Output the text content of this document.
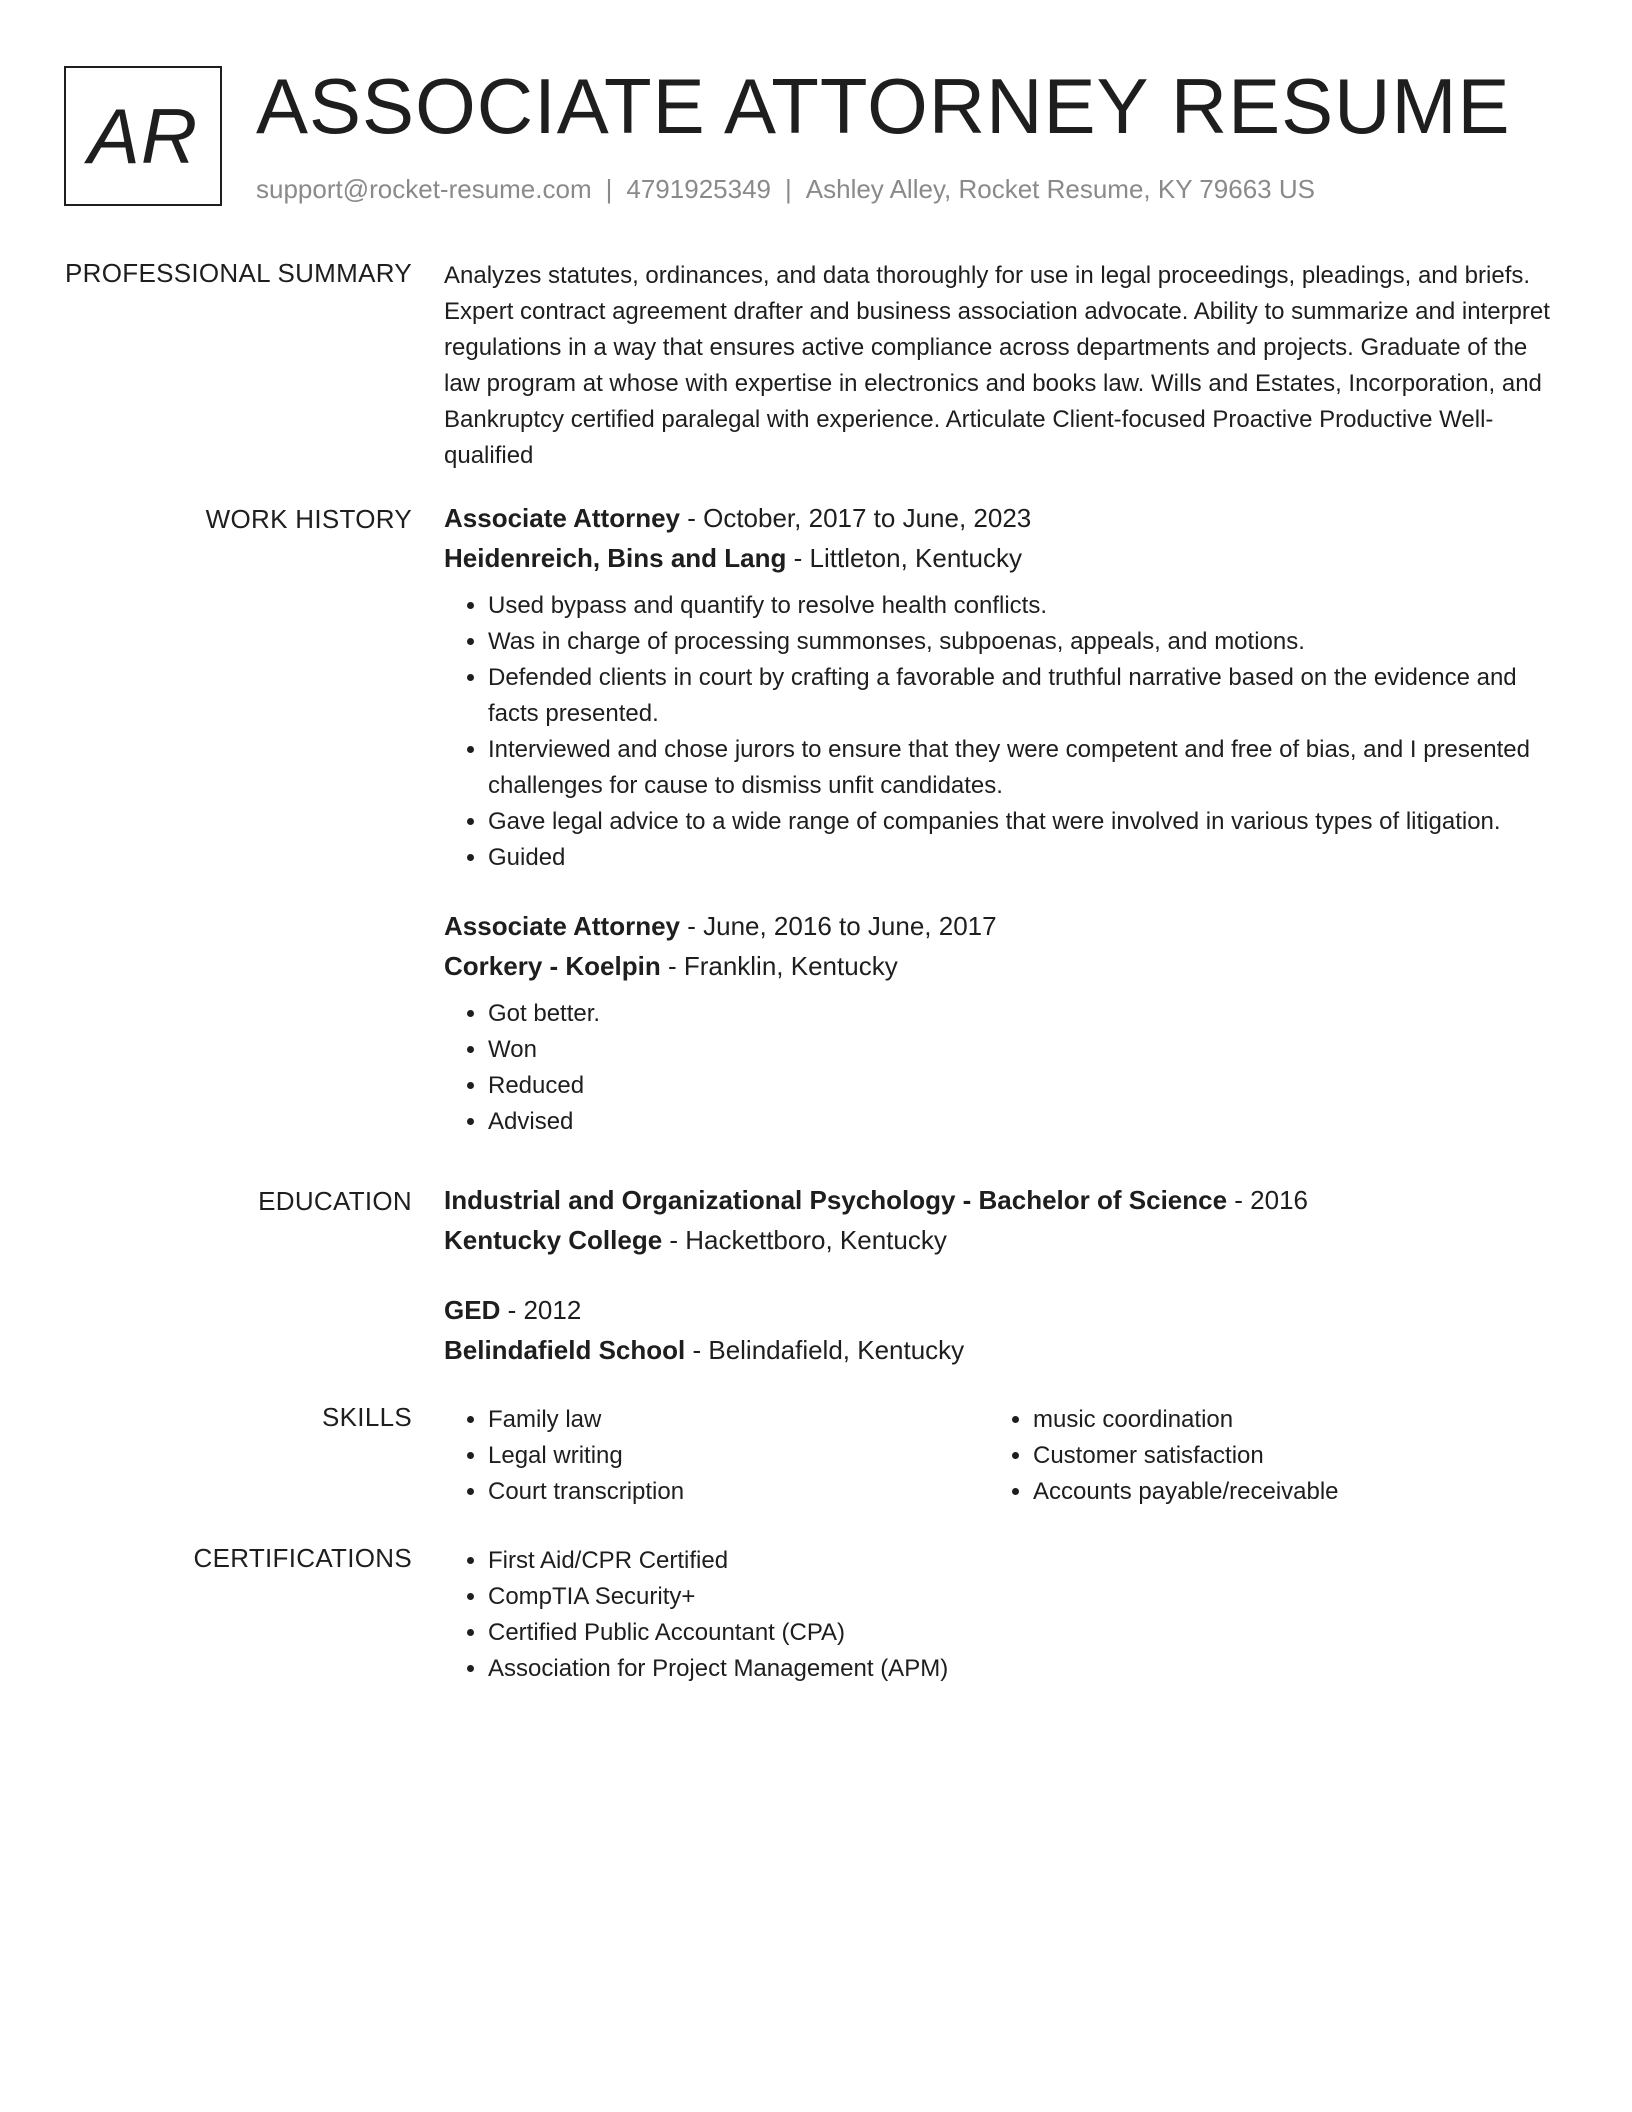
AR ASSOCIATE ATTORNEY RESUME
support@rocket-resume.com | 4791925349 | Ashley Alley, Rocket Resume, KY 79663 US
PROFESSIONAL SUMMARY Analyzes statutes, ordinances, and data thoroughly for use in legal proceedings, pleadings, and briefs. Expert contract agreement drafter and business association advocate. Ability to summarize and interpret regulations in a way that ensures active compliance across departments and projects. Graduate of the law program at whose with expertise in electronics and books law. Wills and Estates, Incorporation, and Bankruptcy certified paralegal with experience. Articulate Client-focused Proactive Productive Well-qualified

WORK HISTORY Associate Attorney - October, 2017 to June, 2023
Heidenreich, Bins and Lang - Littleton, Kentucky
• Used bypass and quantify to resolve health conflicts.
• Was in charge of processing summonses, subpoenas, appeals, and motions.
• Defended clients in court by crafting a favorable and truthful narrative based on the evidence and facts presented.
• Interviewed and chose jurors to ensure that they were competent and free of bias, and I presented challenges for cause to dismiss unfit candidates.
• Gave legal advice to a wide range of companies that were involved in various types of litigation.
• Guided
Associate Attorney - June, 2016 to June, 2017
Corkery - Koelpin - Franklin, Kentucky
• Got better.
• Won
• Reduced
• Advised
EDUCATION Industrial and Organizational Psychology - Bachelor of Science - 2016
Kentucky College - Hackettboro, Kentucky
GED - 2012
Belindafield School - Belindafield, Kentucky
SKILLS	• Family law
• Legal writing
• Court transcription
• music coordination
• Customer satisfaction
• Accounts payable/receivable
CERTIFICATIONS	• First Aid/CPR Certified
• CompTIA Security+
• Certified Public Accountant (CPA)
• Association for Project Management (APM)
